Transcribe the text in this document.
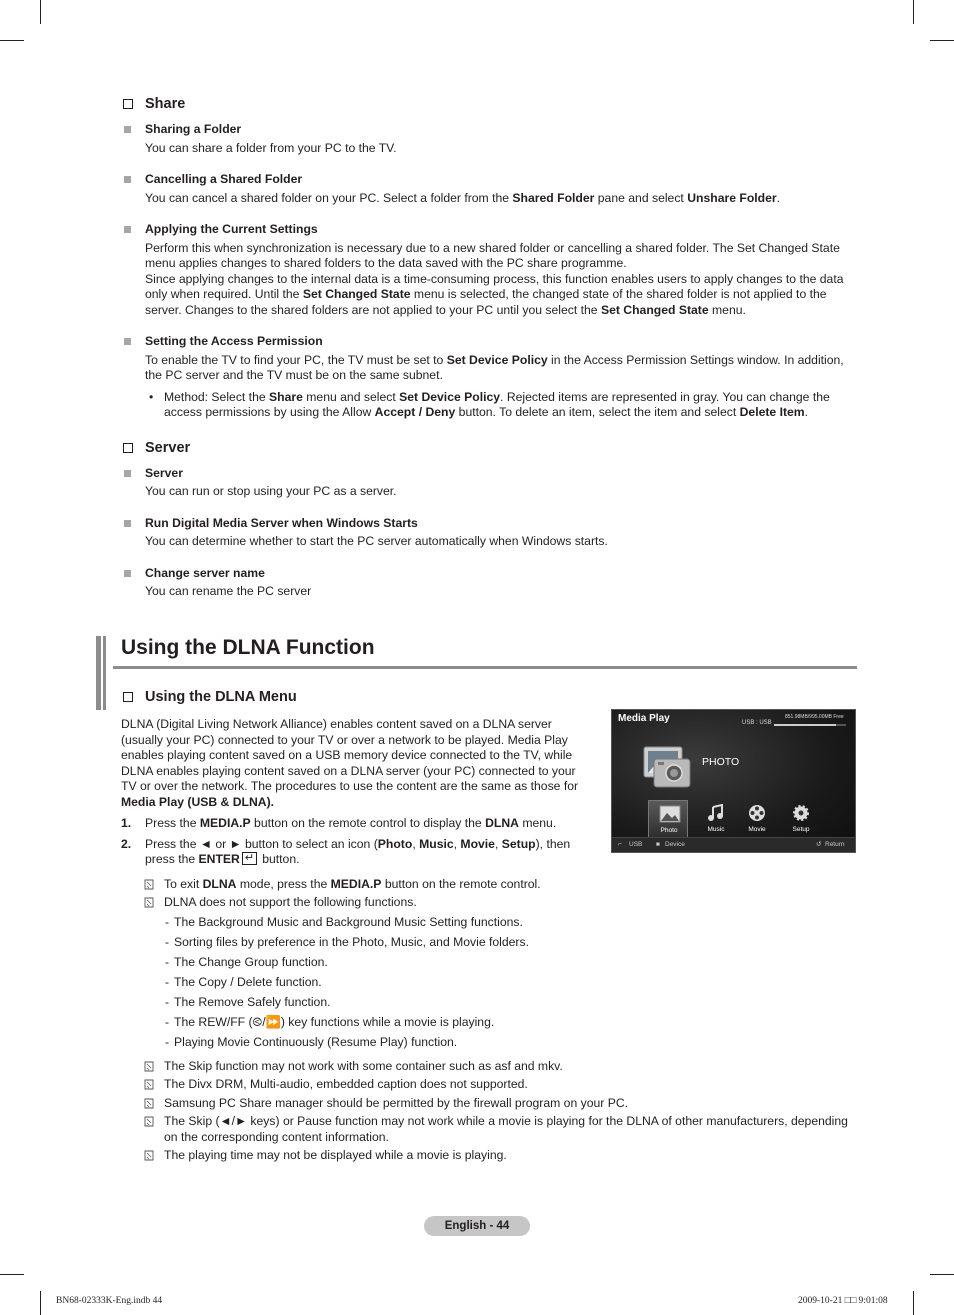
Share
Sharing a Folder
You can share a folder from your PC to the TV.
Cancelling a Shared Folder
You can cancel a shared folder on your PC. Select a folder from the Shared Folder pane and select Unshare Folder.
Applying the Current Settings
Perform this when synchronization is necessary due to a new shared folder or cancelling a shared folder. The Set Changed State menu applies changes to shared folders to the data saved with the PC share programme.
Since applying changes to the internal data is a time-consuming process, this function enables users to apply changes to the data only when required. Until the Set Changed State menu is selected, the changed state of the shared folder is not applied to the server. Changes to the shared folders are not applied to your PC until you select the Set Changed State menu.
Setting the Access Permission
To enable the TV to find your PC, the TV must be set to Set Device Policy in the Access Permission Settings window. In addition, the PC server and the TV must be on the same subnet.
• Method: Select the Share menu and select Set Device Policy. Rejected items are represented in gray. You can change the access permissions by using the Allow Accept / Deny button. To delete an item, select the item and select Delete Item.
Server
Server
You can run or stop using your PC as a server.
Run Digital Media Server when Windows Starts
You can determine whether to start the PC server automatically when Windows starts.
Change server name
You can rename the PC server
Using the DLNA Function
Using the DLNA Menu
DLNA (Digital Living Network Alliance) enables content saved on a DLNA server (usually your PC) connected to your TV or over a network to be played. Media Play enables playing content saved on a USB memory device connected to the TV, while DLNA enables playing content saved on a DLNA server (your PC) connected to your TV or over the network. The procedures to use the content are the same as those for Media Play (USB & DLNA).
1. Press the MEDIA.P button on the remote control to display the DLNA menu.
2. Press the ◄ or ► button to select an icon (Photo, Music, Movie, Setup), then press the ENTER↵ button.
To exit DLNA mode, press the MEDIA.P button on the remote control.
DLNA does not support the following functions.
- The Background Music and Background Music Setting functions.
- Sorting files by preference in the Photo, Music, and Movie folders.
- The Change Group function.
- The Copy / Delete function.
- The Remove Safely function.
- The REW/FF (⧀/⏩) key functions while a movie is playing.
- Playing Movie Continuously (Resume Play) function.
The Skip function may not work with some container such as asf and mkv.
The Divx DRM, Multi-audio, embedded caption does not supported.
Samsung PC Share manager should be permitted by the firewall program on your PC.
The Skip (◄/► keys) or Pause function may not work while a movie is playing for the DLNA of other manufacturers, depending on the corresponding content information.
The playing time may not be displayed while a movie is playing.
Media Play	851.98MB/995.00MB Free
USB : USB
PHOTO
Photo	Music	Movie	Setup
⌐ USB ■ Device	↺ Return
English - 44
BN68-02333K-Eng.indb 44	2009-10-21 □□ 9:01:08
